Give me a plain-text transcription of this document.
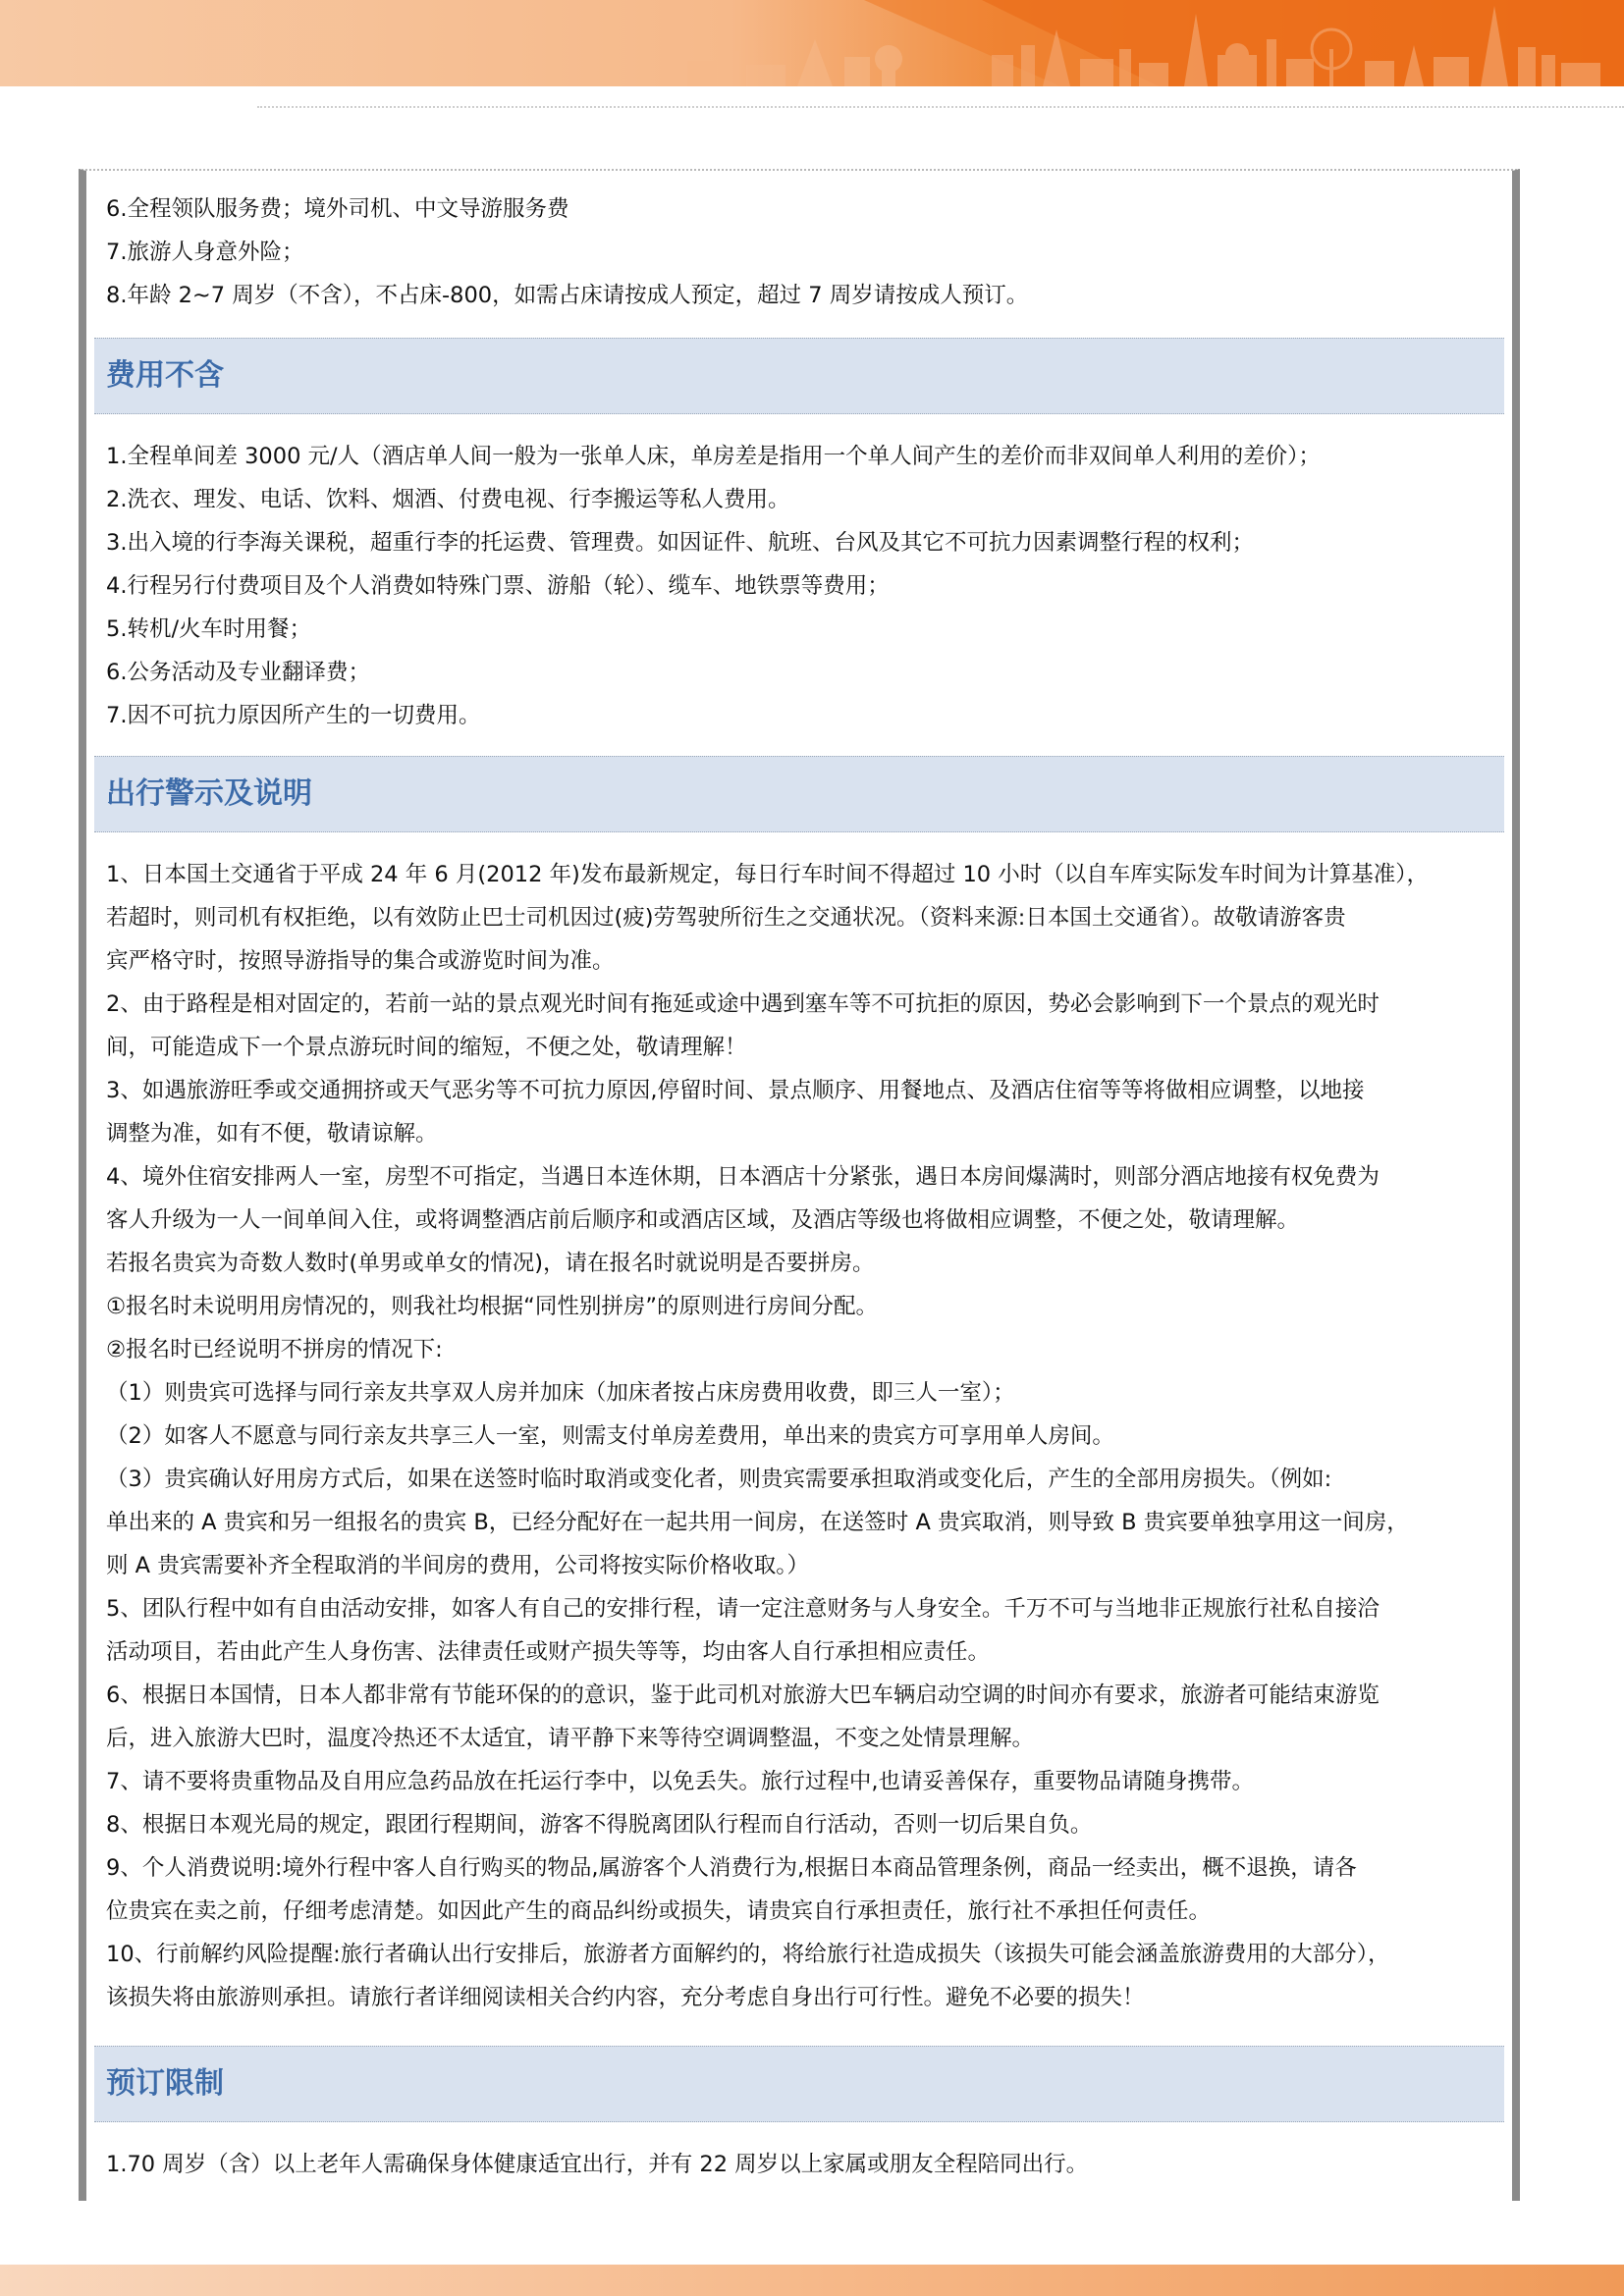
6.全程领队服务费；境外司机、中文导游服务费
7.旅游人身意外险；
8.年龄 2~7 周岁（不含），不占床-800，如需占床请按成人预定，超过 7 周岁请按成人预订。
费用不含
1.全程单间差 3000 元/人（酒店单人间一般为一张单人床，单房差是指用一个单人间产生的差价而非双间单人利用的差价）；
2.洗衣、理发、电话、饮料、烟酒、付费电视、行李搬运等私人费用。
3.出入境的行李海关课税，超重行李的托运费、管理费。如因证件、航班、台风及其它不可抗力因素调整行程的权利；
4.行程另行付费项目及个人消费如特殊门票、游船（轮）、缆车、地铁票等费用；
5.转机/火车时用餐；
6.公务活动及专业翻译费；
7.因不可抗力原因所产生的一切费用。
出行警示及说明
1、日本国土交通省于平成 24 年 6 月(2012 年)发布最新规定，每日行车时间不得超过 10 小时（以自车库实际发车时间为计算基准），
若超时，则司机有权拒绝，以有效防止巴士司机因过(疲)劳驾驶所衍生之交通状况。（资料来源:日本国土交通省）。故敬请游客贵
宾严格守时，按照导游指导的集合或游览时间为准。
2、由于路程是相对固定的，若前一站的景点观光时间有拖延或途中遇到塞车等不可抗拒的原因，势必会影响到下一个景点的观光时
间，可能造成下一个景点游玩时间的缩短，不便之处，敬请理解！
3、如遇旅游旺季或交通拥挤或天气恶劣等不可抗力原因,停留时间、景点顺序、用餐地点、及酒店住宿等等将做相应调整，以地接
调整为准，如有不便，敬请谅解。
4、境外住宿安排两人一室，房型不可指定，当遇日本连休期，日本酒店十分紧张，遇日本房间爆满时，则部分酒店地接有权免费为
客人升级为一人一间单间入住，或将调整酒店前后顺序和或酒店区域，及酒店等级也将做相应调整，不便之处，敬请理解。
若报名贵宾为奇数人数时(单男或单女的情况)，请在报名时就说明是否要拼房。
①报名时未说明用房情况的，则我社均根据“同性别拼房”的原则进行房间分配。
②报名时已经说明不拼房的情况下:
（1）则贵宾可选择与同行亲友共享双人房并加床（加床者按占床房费用收费，即三人一室）；
（2）如客人不愿意与同行亲友共享三人一室，则需支付单房差费用，单出来的贵宾方可享用单人房间。
（3）贵宾确认好用房方式后，如果在送签时临时取消或变化者，则贵宾需要承担取消或变化后，产生的全部用房损失。（例如:
单出来的 A 贵宾和另一组报名的贵宾 B，已经分配好在一起共用一间房，在送签时 A 贵宾取消，则导致 B 贵宾要单独享用这一间房，
则 A 贵宾需要补齐全程取消的半间房的费用，公司将按实际价格收取。）
5、团队行程中如有自由活动安排，如客人有自己的安排行程，请一定注意财务与人身安全。千万不可与当地非正规旅行社私自接洽
活动项目，若由此产生人身伤害、法律责任或财产损失等等，均由客人自行承担相应责任。
6、根据日本国情，日本人都非常有节能环保的的意识，鉴于此司机对旅游大巴车辆启动空调的时间亦有要求，旅游者可能结束游览
后，进入旅游大巴时，温度冷热还不太适宜，请平静下来等待空调调整温，不变之处情景理解。
7、请不要将贵重物品及自用应急药品放在托运行李中，以免丢失。旅行过程中,也请妥善保存，重要物品请随身携带。
8、根据日本观光局的规定，跟团行程期间，游客不得脱离团队行程而自行活动，否则一切后果自负。
9、个人消费说明:境外行程中客人自行购买的物品,属游客个人消费行为,根据日本商品管理条例，商品一经卖出，概不退换，请各
位贵宾在卖之前，仔细考虑清楚。如因此产生的商品纠纷或损失，请贵宾自行承担责任，旅行社不承担任何责任。
10、行前解约风险提醒:旅行者确认出行安排后，旅游者方面解约的，将给旅行社造成损失（该损失可能会涵盖旅游费用的大部分），
该损失将由旅游则承担。请旅行者详细阅读相关合约内容，充分考虑自身出行可行性。避免不必要的损失！
预订限制
1.70 周岁（含）以上老年人需确保身体健康适宜出行，并有 22 周岁以上家属或朋友全程陪同出行。
